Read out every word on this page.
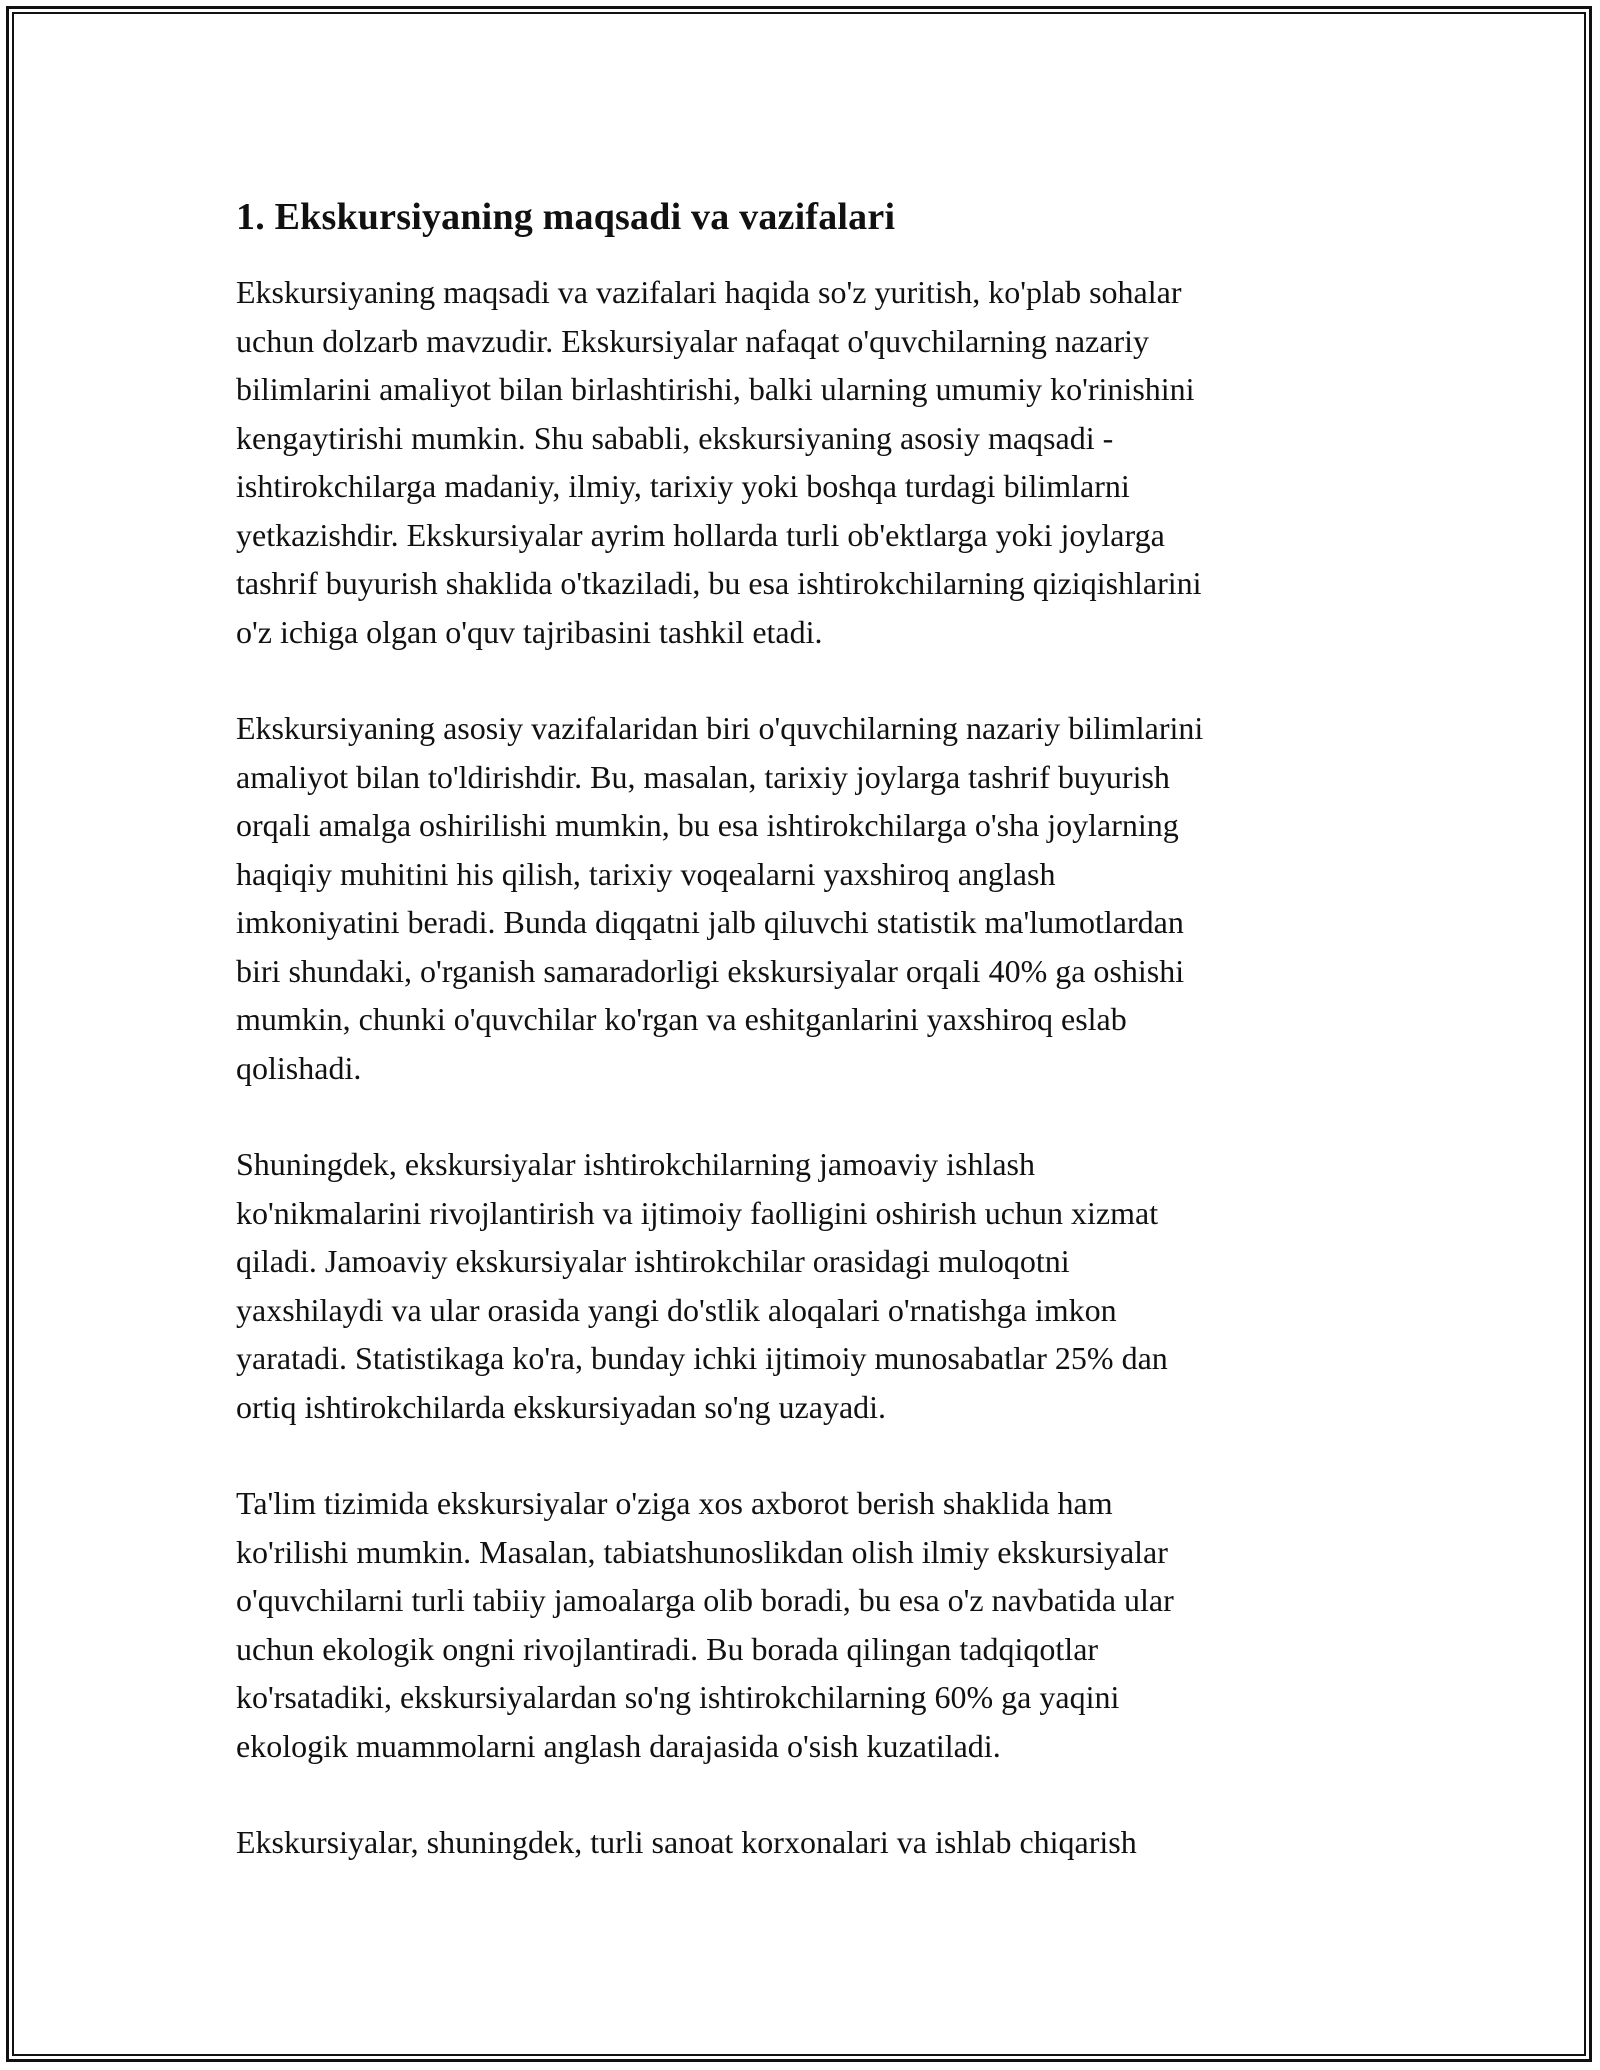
1. Ekskursiyaning maqsadi va vazifalari

Ekskursiyaning maqsadi va vazifalari haqida so'z yuritish, ko'plab sohalar
uchun dolzarb mavzudir. Ekskursiyalar nafaqat o'quvchilarning nazariy
bilimlarini amaliyot bilan birlashtirishi, balki ularning umumiy ko'rinishini
kengaytirishi mumkin. Shu sababli, ekskursiyaning asosiy maqsadi -
ishtirokchilarga madaniy, ilmiy, tarixiy yoki boshqa turdagi bilimlarni
yetkazishdir. Ekskursiyalar ayrim hollarda turli ob'ektlarga yoki joylarga
tashrif buyurish shaklida o'tkaziladi, bu esa ishtirokchilarning qiziqishlarini
o'z ichiga olgan o'quv tajribasini tashkil etadi.

Ekskursiyaning asosiy vazifalaridan biri o'quvchilarning nazariy bilimlarini
amaliyot bilan to'ldirishdir. Bu, masalan, tarixiy joylarga tashrif buyurish
orqali amalga oshirilishi mumkin, bu esa ishtirokchilarga o'sha joylarning
haqiqiy muhitini his qilish, tarixiy voqealarni yaxshiroq anglash
imkoniyatini beradi. Bunda diqqatni jalb qiluvchi statistik ma'lumotlardan
biri shundaki, o'rganish samaradorligi ekskursiyalar orqali 40% ga oshishi
mumkin, chunki o'quvchilar ko'rgan va eshitganlarini yaxshiroq eslab
qolishadi.

Shuningdek, ekskursiyalar ishtirokchilarning jamoaviy ishlash
ko'nikmalarini rivojlantirish va ijtimoiy faolligini oshirish uchun xizmat
qiladi. Jamoaviy ekskursiyalar ishtirokchilar orasidagi muloqotni
yaxshilaydi va ular orasida yangi do'stlik aloqalari o'rnatishga imkon
yaratadi. Statistikaga ko'ra, bunday ichki ijtimoiy munosabatlar 25% dan
ortiq ishtirokchilarda ekskursiyadan so'ng uzayadi.

Ta'lim tizimida ekskursiyalar o'ziga xos axborot berish shaklida ham
ko'rilishi mumkin. Masalan, tabiatshunoslikdan olish ilmiy ekskursiyalar
o'quvchilarni turli tabiiy jamoalarga olib boradi, bu esa o'z navbatida ular
uchun ekologik ongni rivojlantiradi. Bu borada qilingan tadqiqotlar
ko'rsatadiki, ekskursiyalardan so'ng ishtirokchilarning 60% ga yaqini
ekologik muammolarni anglash darajasida o'sish kuzatiladi.

Ekskursiyalar, shuningdek, turli sanoat korxonalari va ishlab chiqarish
